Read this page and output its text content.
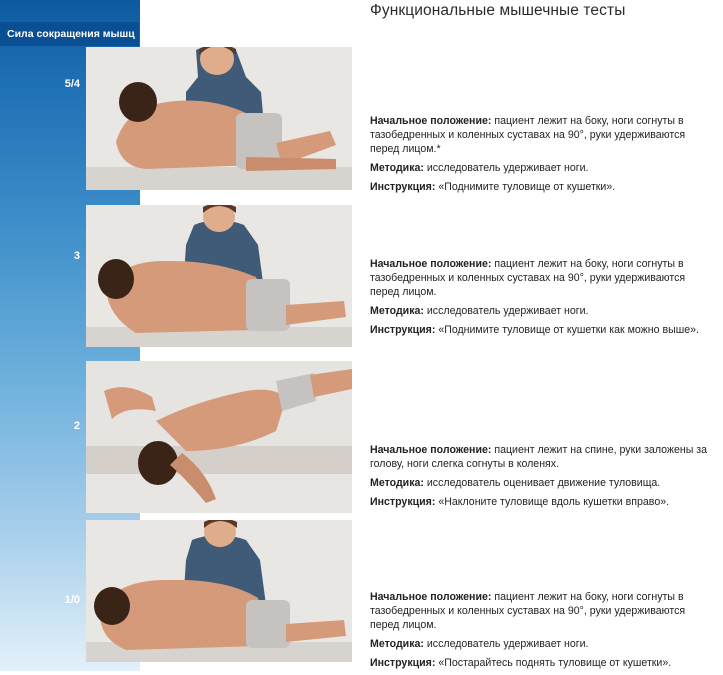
Функциональные мышечные тесты
Сила сокращения мышц
5/4
3
2
1/0

Начальное положение: пациент лежит на боку, ноги согнуты в тазобедренных и коленных суставах на 90°, руки удерживаются перед лицом.*

Методика: исследователь удерживает ноги.

Инструкция: «Поднимите туловище от кушетки».

Начальное положение: пациент лежит на боку, ноги согнуты в тазобедренных и коленных суставах на 90°, руки удерживаются перед лицом.

Методика: исследователь удерживает ноги.

Инструкция: «Поднимите туловище от кушетки как можно выше».

Начальное положение: пациент лежит на спине, руки заложены за голову, ноги слегка согнуты в коленях.

Методика: исследователь оценивает движение туловища.

Инструкция: «Наклоните туловище вдоль кушетки вправо».

Начальное положение: пациент лежит на боку, ноги согнуты в тазобедренных и коленных суставах на 90°, руки удерживаются перед лицом.

Методика: исследователь удерживает ноги.

Инструкция: «Постарайтесь поднять туловище от кушетки».
